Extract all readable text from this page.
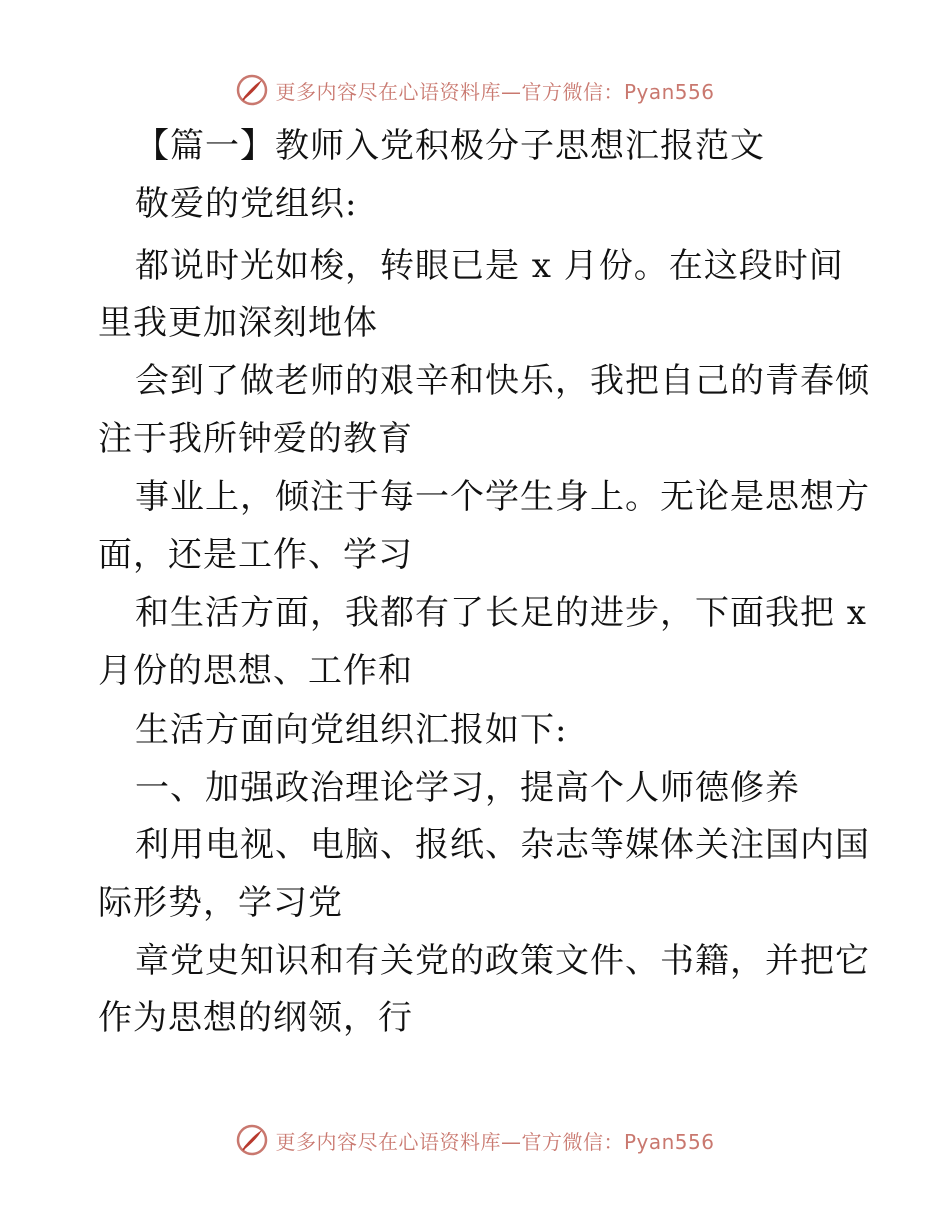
更多内容尽在心语资料库—官方微信：Pyan556
【篇一】教师入党积极分子思想汇报范文
敬爱的党组织:
都说时光如梭，转眼已是 x 月份。在这段时间
里我更加深刻地体
会到了做老师的艰辛和快乐，我把自己的青春倾
注于我所钟爱的教育
事业上，倾注于每一个学生身上。无论是思想方
面，还是工作、学习
和生活方面，我都有了长足的进步，下面我把 x
月份的思想、工作和
生活方面向党组织汇报如下:
一、加强政治理论学习，提高个人师德修养
利用电视、电脑、报纸、杂志等媒体关注国内国
际形势，学习党
章党史知识和有关党的政策文件、书籍，并把它
作为思想的纲领，行
更多内容尽在心语资料库—官方微信：Pyan556
